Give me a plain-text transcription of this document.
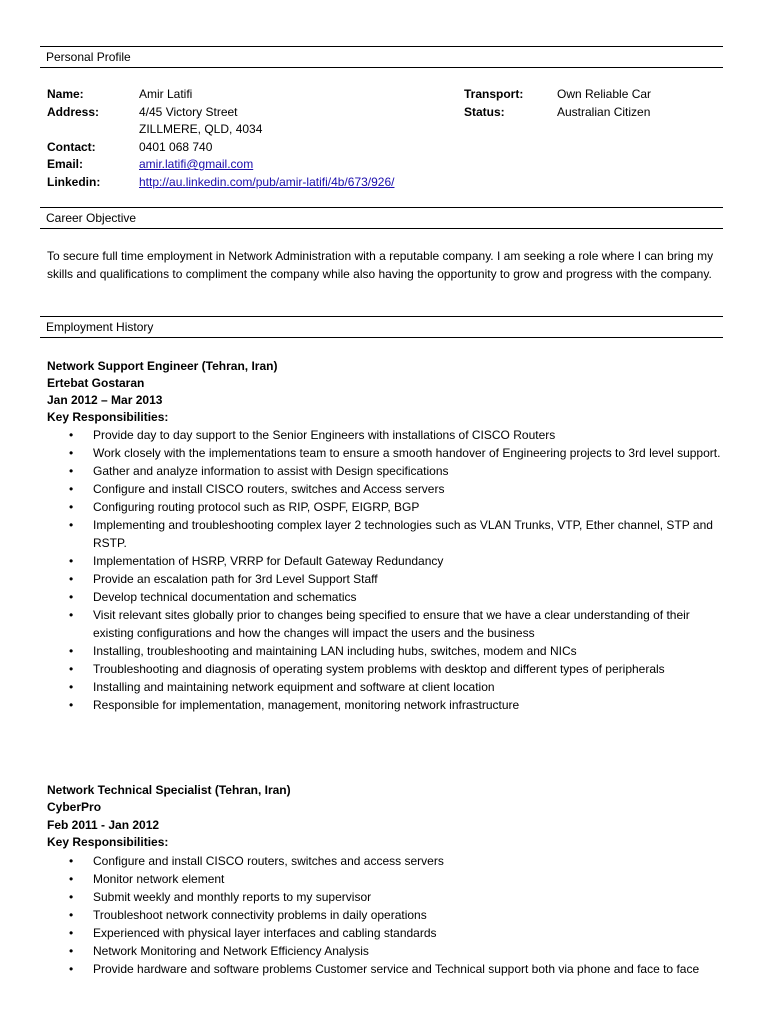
Personal Profile
Name:	Amir Latifi	Transport:	Own Reliable Car
Address:	4/45 Victory Street	Status:	Australian Citizen
ZILLMERE, QLD, 4034
Contact:	0401 068 740
Email:	amir.latifi@gmail.com
Linkedin:	http://au.linkedin.com/pub/amir-latifi/4b/673/926/
Career Objective
To secure full time employment in Network Administration with a reputable company. I am seeking a role where I can bring my skills and qualifications to compliment the company while also having the opportunity to grow and progress with the company.
Employment History
Network Support Engineer (Tehran, Iran)
Ertebat Gostaran
Jan 2012 – Mar 2013
Key Responsibilities:
• Provide day to day support to the Senior Engineers with installations of CISCO Routers
• Work closely with the implementations team to ensure a smooth handover of Engineering projects to 3rd level support.
• Gather and analyze information to assist with Design specifications
• Configure and install CISCO routers, switches and Access servers
• Configuring routing protocol such as RIP, OSPF, EIGRP, BGP
• Implementing and troubleshooting complex layer 2 technologies such as VLAN Trunks, VTP, Ether channel, STP and RSTP.
• Implementation of HSRP, VRRP for Default Gateway Redundancy
• Provide an escalation path for 3rd Level Support Staff
• Develop technical documentation and schematics
• Visit relevant sites globally prior to changes being specified to ensure that we have a clear understanding of their existing configurations and how the changes will impact the users and the business
• Installing, troubleshooting and maintaining LAN including hubs, switches, modem and NICs
• Troubleshooting and diagnosis of operating system problems with desktop and different types of peripherals
• Installing and maintaining network equipment and software at client location
• Responsible for implementation, management, monitoring network infrastructure
Network Technical Specialist (Tehran, Iran)
CyberPro
Feb 2011 - Jan 2012
Key Responsibilities:
• Configure and install CISCO routers, switches and access servers
• Monitor network element
• Submit weekly and monthly reports to my supervisor
• Troubleshoot network connectivity problems in daily operations
• Experienced with physical layer interfaces and cabling standards
• Network Monitoring and Network Efficiency Analysis
• Provide hardware and software problems Customer service and Technical support both via phone and face to face
